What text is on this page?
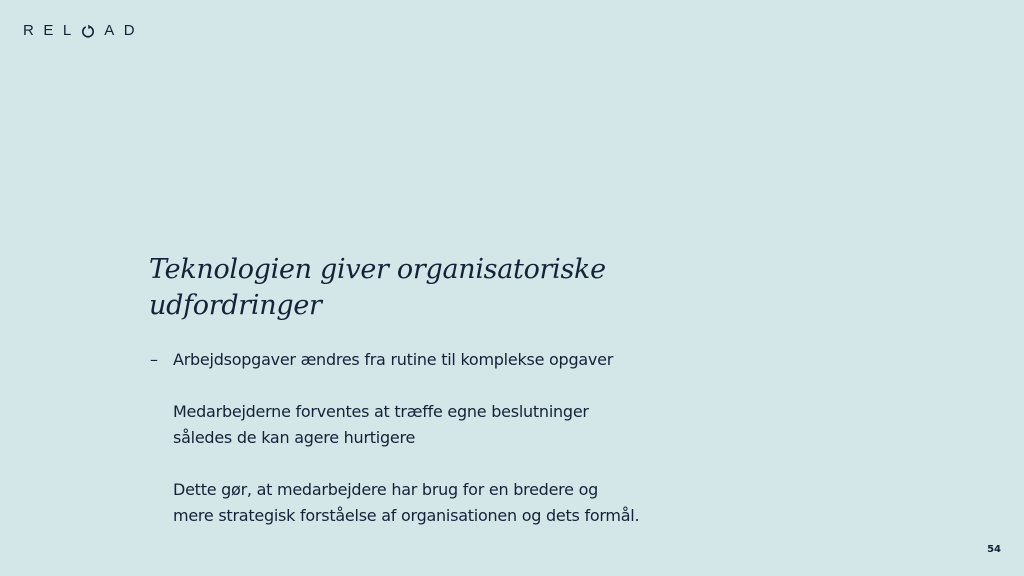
R E L A D
Teknologien giver organisatoriske
udfordringer
– Arbejdsopgaver ændres fra rutine til komplekse opgaver
Medarbejderne forventes at træffe egne beslutninger
således de kan agere hurtigere
Dette gør, at medarbejdere har brug for en bredere og
mere strategisk forståelse af organisationen og dets formål.
54
